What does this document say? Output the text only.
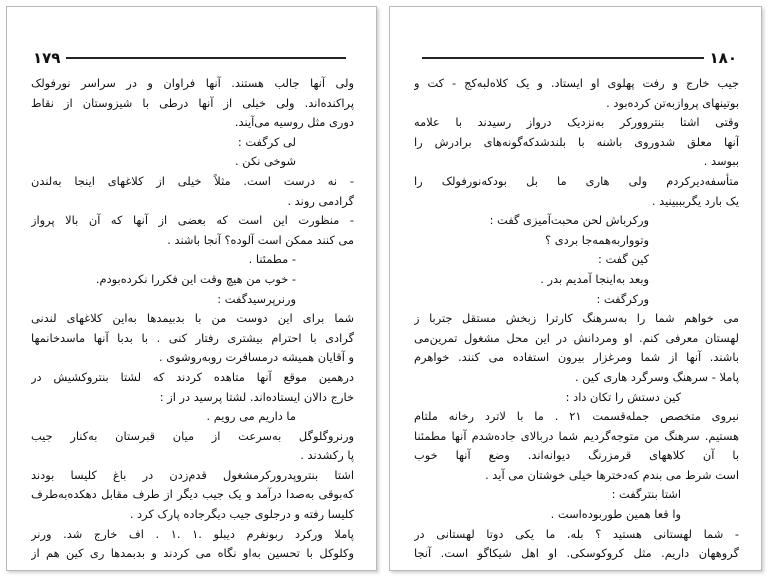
۱۷۹
ولی آنها جالب هستند. آنها فراوان و در سراسر نورفولک
پراکنده‌اند. ولی خیلی از آنها درطی با شیزوستان از نقاط
دوری مثل روسیه می‌آیند.
لی کرگفت :
شوخی نکن .
- نه درست است. مثلاً خیلی از کلاغهای اینجا به‌لندن
گرادمی روند .
- منظورت این است که بعضی از آنها که آن بالا پرواز
می کنند ممکن است آلوده؟ آنجا باشند .
- مطمئنا .
- خوب من هیچ وقت این فکررا نکرده‌بودم.
ورنرپرسیدگفت :
شما برای این دوست من با بدبیمدها به‌این کلاغهای لندنی
گرادی با احترام بیشتری رفتار کنی . با بدبا آنها ماسدخانمها
و آقایان همیشه درمسافرت روبه‌روشوی .
درهمین موقع آنها متاهده کردند که لشتا بنتروکشیش در
خارج دالان ایستاده‌اند. لشتا پرسید در از :
ما داریم می رویم .
ورنروگلوگل به‌سرعت از میان قبرستان به‌کنار جیب
پا رکشدند .
اشتا بنتروپدرورکرمشغول قدم‌زدن در باغ کلیسا بودند
که‌بوقی به‌صدا درآمد و یک جیب دیگر از طرف مقابل دهکده‌به‌طرف
کلیسا رفته و درجلوی جیب دیگرجاده پارک کرد .
پاملا ورکرد ربونفرم دیبلو .۱ .۱ . اف خارج شد. ورنر
وکلوکل با تحسین به‌او نگاه می کردند و بدبمدها ری کین هم از
۱۸۰
جیب خارج و رفت پهلوی او ایستاد. و یک کلاه‌لبه‌کج - کت و
بوتینهای پروازبه‌تن کرده‌بود .
وقتی اشتا بنتروورکر به‌نزدیک درواز رسیدند با علامه
آنها معلق شدوروی باشنه با بلندشدکه‌گونه‌های برادرش را
ببوسد .
متأسفه‌دیرکردم ولی هاری ما بل بودکه‌نورفولک را
یک بارد یگربببینید .
ورکرباش لحن محبت‌آمیزی گفت :
وتوواربه‌همه‌جا بردی ؟
کین گفت :
وبعد به‌اینجا آمدیم بدر .
ورکرگفت :
می خواهم شما را به‌سرهنگ کارترا زبخش مستقل جتربا ز
لهستان معرفی کنم. او ومردانش در این محل مشغول تمرین‌می
باشند. آنها از شما ومرغزار بیرون استفاده می کنند. خواهرم
پاملا - سرهنگ وسرگرد هاری کین .
کین دستش را تکان داد :
نیروی متخصص جمله‌قسمت ۲۱ . ما با لاترد رخانه ملتام
هستیم. سرهنگ من متوجه‌گردیم شما دربالای جاده‌شدم آنها مطمئنا
با آن کلاههای قرمزرنگ دیوانه‌اند. وضع آنها خوب
است شرط می بندم که‌دخترها خیلی خوشتان می آید .
اشتا بنترگفت :
وا قعا همین طوربوده‌است .
- شما لهستانی هستید ؟ بله. ما یکی دوتا لهستانی در
گروههان داریم. مثل کروکوسکی. او اهل شیکاگو است. آنجا
